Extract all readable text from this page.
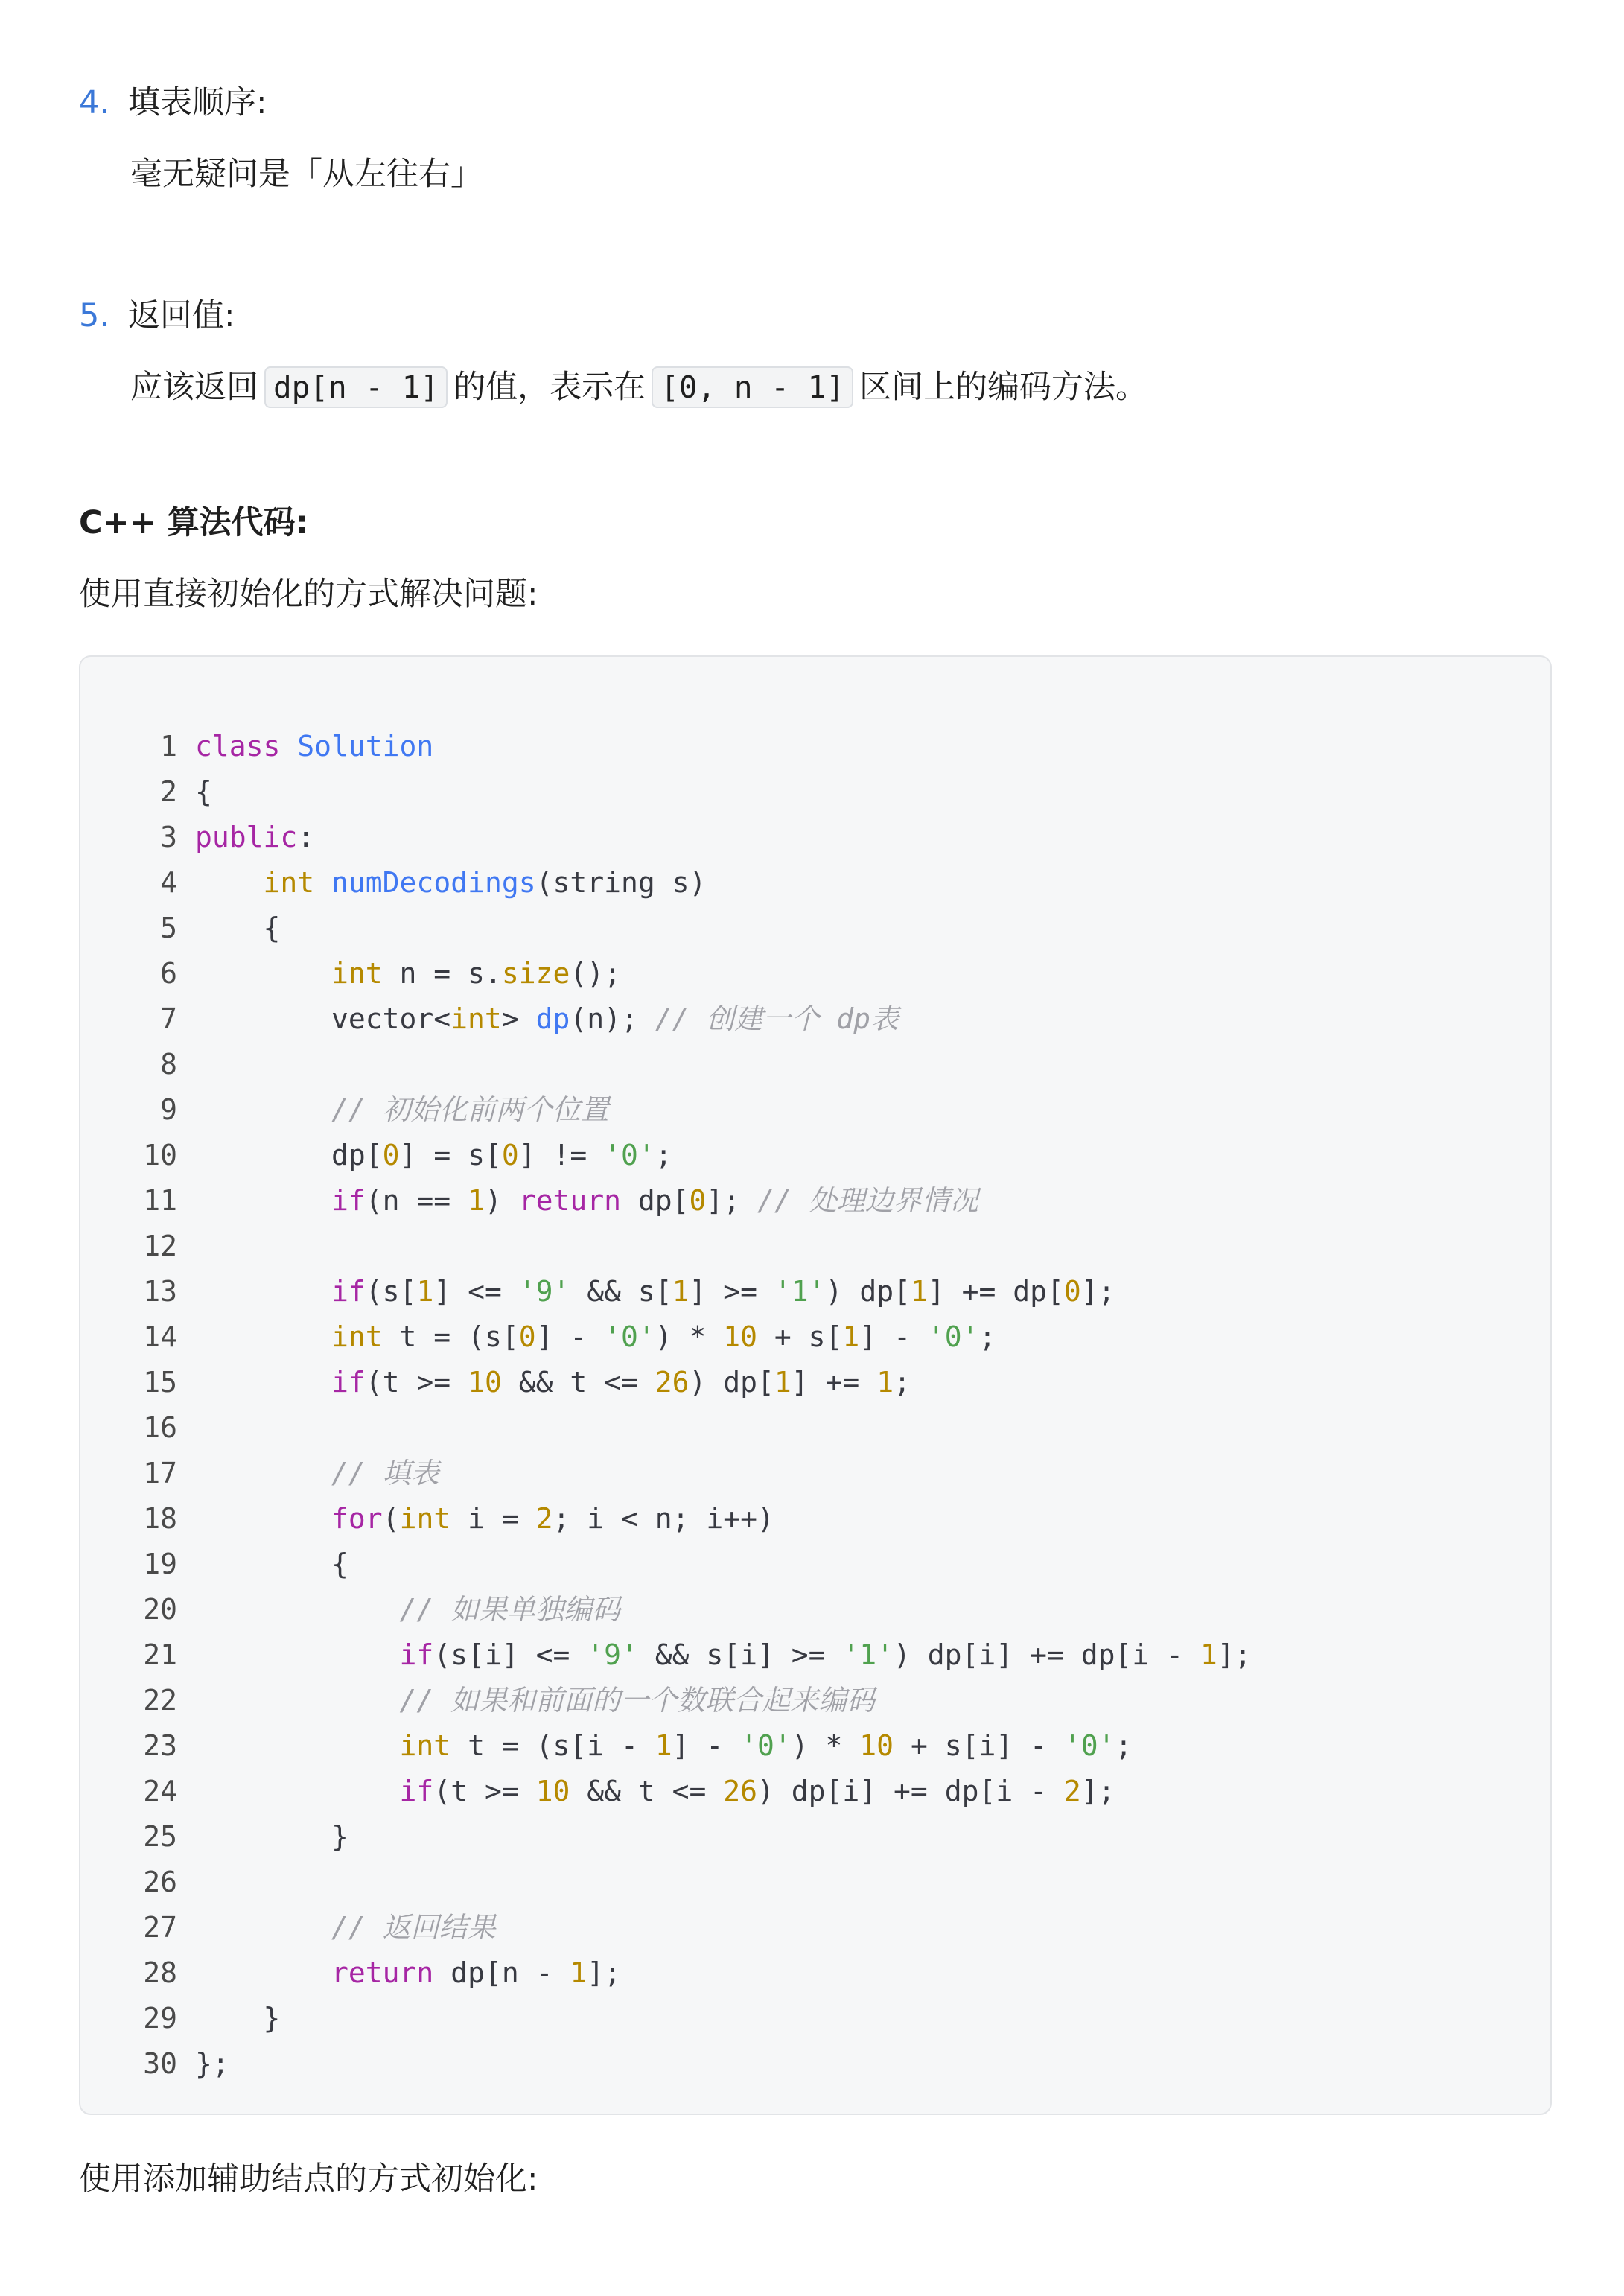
4. 填表顺序:
毫无疑问是「从左往右」
5. 返回值:
应该返回 dp[n - 1] 的值，表示在 [0, n - 1] 区间上的编码方法。
C++ 算法代码:
使用直接初始化的方式解决问题:
1 class Solution
2 {
3 public:
4	int numDecodings(string s)
5    {
6	int n = s.size();
7        vector<int> dp(n); // 创建一个 dp表
8
9	// 初始化前两个位置
10        dp[0] = s[0] != '0';
11	if(n == 1) return dp[0]; // 处理边界情况
12
13	if(s[1] <= '9' && s[1] >= '1') dp[1] += dp[0];
14	int t = (s[0] - '0') * 10 + s[1] - '0';
15	if(t >= 10 && t <= 26) dp[1] += 1;
16
17	// 填表
18	for(int i = 2; i < n; i++)
19        {
20	// 如果单独编码
21	if(s[i] <= '9' && s[i] >= '1') dp[i] += dp[i - 1];
22	// 如果和前面的一个数联合起来编码
23	int t = (s[i - 1] - '0') * 10 + s[i] - '0';
24	if(t >= 10 && t <= 26) dp[i] += dp[i - 2];
25        }
26
27	// 返回结果
28	return dp[n - 1];
29    }
30 };
使用添加辅助结点的方式初始化:
